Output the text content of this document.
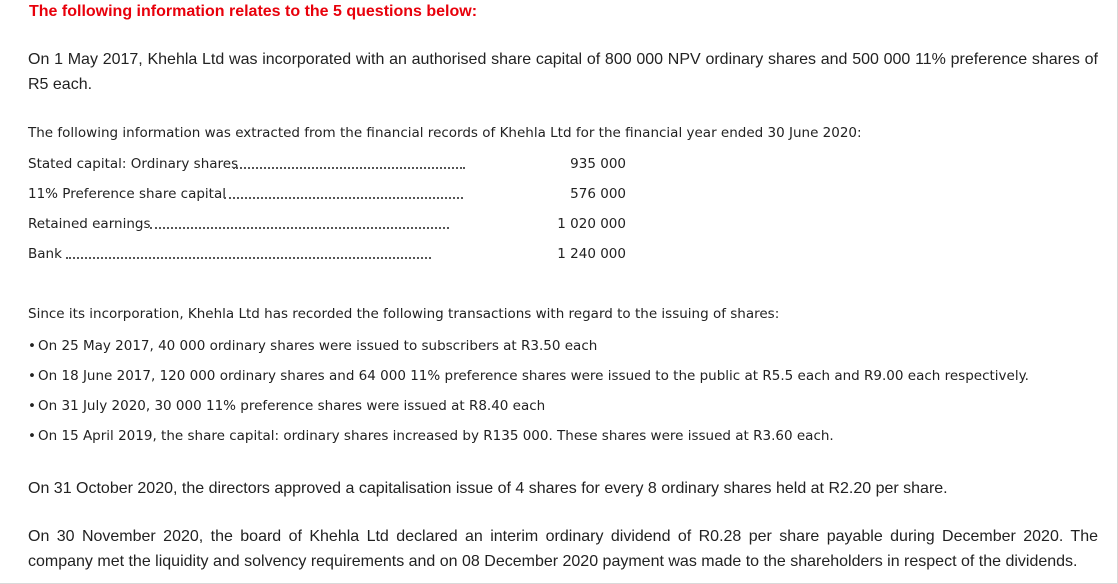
The following information relates to the 5 questions below:
On 1 May 2017, Khehla Ltd was incorporated with an authorised share capital of 800 000 NPV ordinary shares and 500 000 11% preference shares of R5 each.
The following information was extracted from the financial records of Khehla Ltd for the financial year ended 30 June 2020:
Stated capital: Ordinary shares	935 000
11% Preference share capital	576 000
Retained earnings	1 020 000
Bank	1 240 000
Since its incorporation, Khehla Ltd has recorded the following transactions with regard to the issuing of shares:
• On 25 May 2017, 40 000 ordinary shares were issued to subscribers at R3.50 each
• On 18 June 2017, 120 000 ordinary shares and 64 000 11% preference shares were issued to the public at R5.5 each and R9.00 each respectively.
• On 31 July 2020, 30 000 11% preference shares were issued at R8.40 each
• On 15 April 2019, the share capital: ordinary shares increased by R135 000. These shares were issued at R3.60 each.
On 31 October 2020, the directors approved a capitalisation issue of 4 shares for every 8 ordinary shares held at R2.20 per share.
On 30 November 2020, the board of Khehla Ltd declared an interim ordinary dividend of R0.28 per share payable during December 2020. The company met the liquidity and solvency requirements and on 08 December 2020 payment was made to the shareholders in respect of the dividends.
